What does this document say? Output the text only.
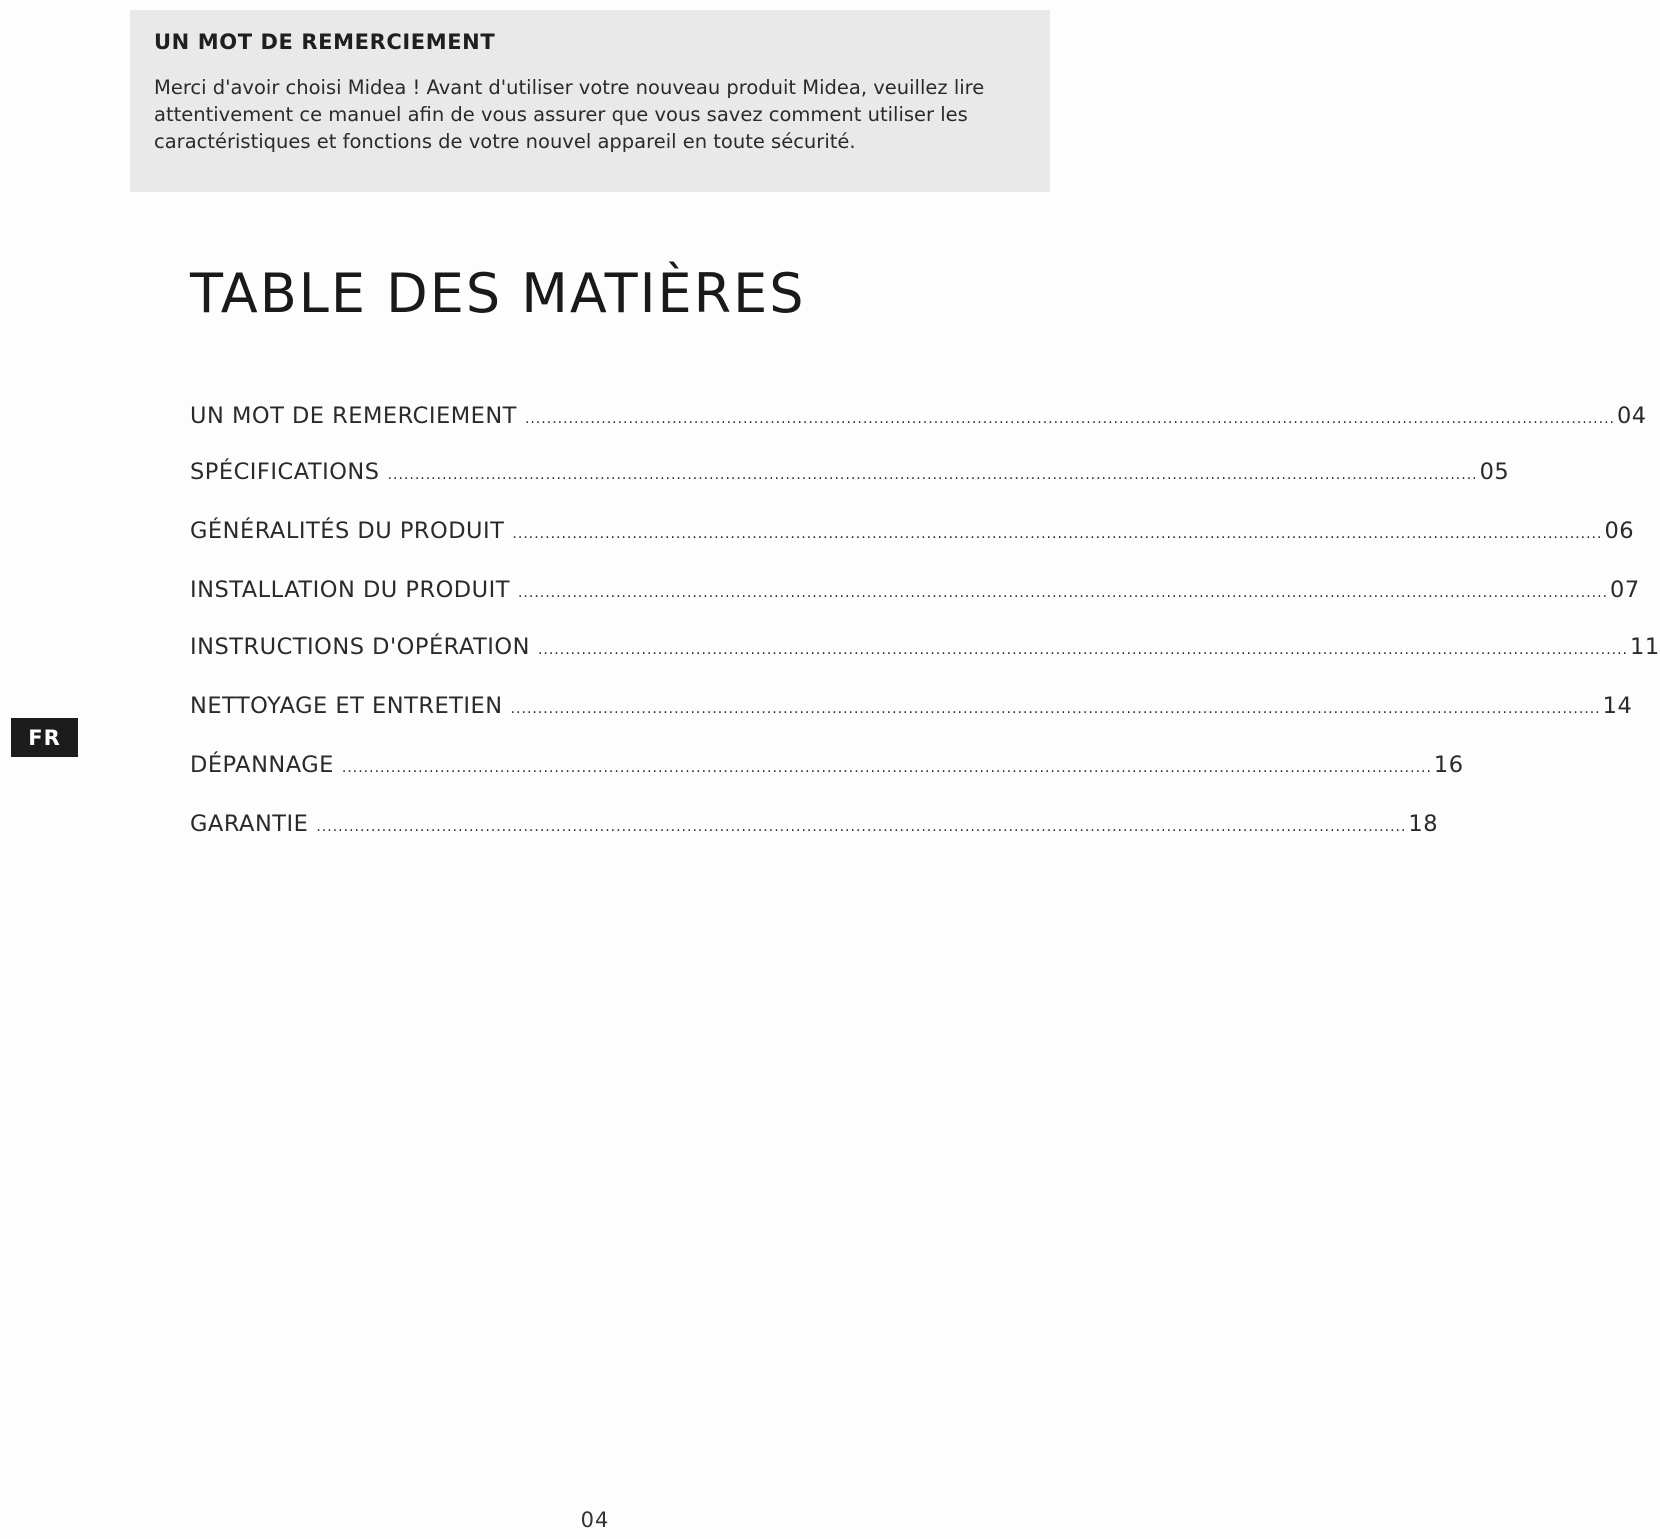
UN MOT DE REMERCIEMENT

Merci d'avoir choisi Midea ! Avant d'utiliser votre nouveau produit Midea, veuillez lire attentivement ce manuel afin de vous assurer que vous savez comment utiliser les caractéristiques et fonctions de votre nouvel appareil en toute sécurité.

TABLE DES MATIÈRES
UN MOT DE REMERCIEMENT ........................................................................................................................................................................................................ 04
SPÉCIFICATIONS ........................................................................................................................................................................................................ 05
GÉNÉRALITÉS DU PRODUIT ........................................................................................................................................................................................................ 06
INSTALLATION DU PRODUIT ........................................................................................................................................................................................................ 07
INSTRUCTIONS D'OPÉRATION ........................................................................................................................................................................................................ 11
NETTOYAGE ET ENTRETIEN ........................................................................................................................................................................................................ 14
DÉPANNAGE ........................................................................................................................................................................................................ 16
GARANTIE ........................................................................................................................................................................................................ 18
FR
04
